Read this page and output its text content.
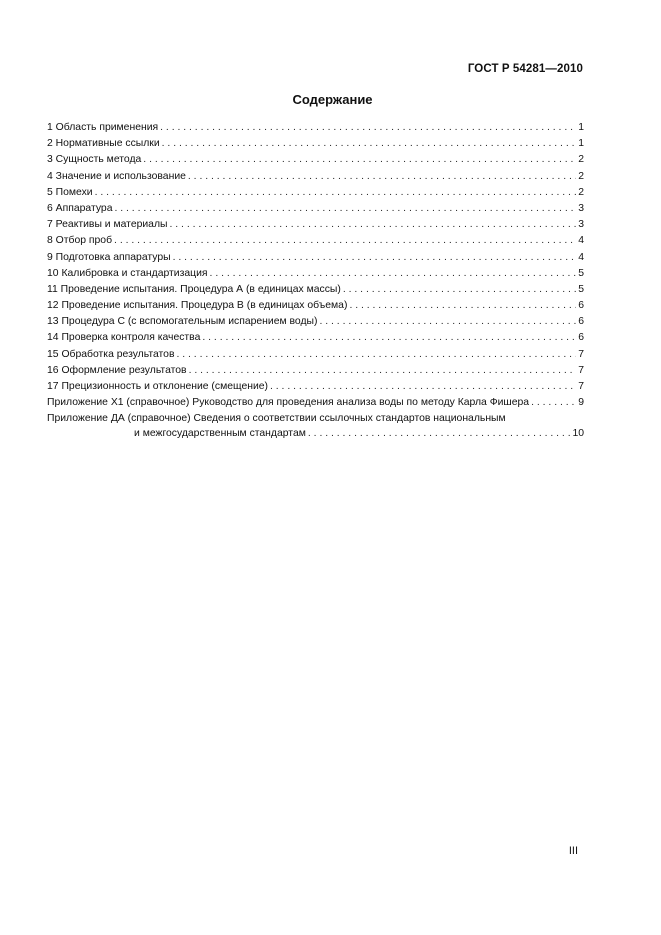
ГОСТ Р 54281—2010
Содержание
1 Область применения . . .	1
2 Нормативные ссылки . . .	1
3 Сущность метода . . .	2
4 Значение и использование . . .	2
5 Помехи . . .	2
6 Аппаратура . . .	3
7 Реактивы и материалы . . .	3
8 Отбор проб . . .	4
9 Подготовка аппаратуры . . .	4
10 Калибровка и стандартизация . . .	5
11 Проведение испытания. Процедура А (в единицах массы) . . .	5
12 Проведение испытания. Процедура В (в единицах объема) . . .	6
13 Процедура С (с вспомогательным испарением воды) . . .	6
14 Проверка контроля качества . . .	6
15 Обработка результатов . . .	7
16 Оформление результатов . . .	7
17 Прецизионность и отклонение (смещение) . . .	7
Приложение Х1 (справочное) Руководство для проведения анализа воды по методу Карла Фишера . . .	9
Приложение ДА (справочное) Сведения о соответствии ссылочных стандартов национальным
и межгосударственным стандартам . . .	10
III
